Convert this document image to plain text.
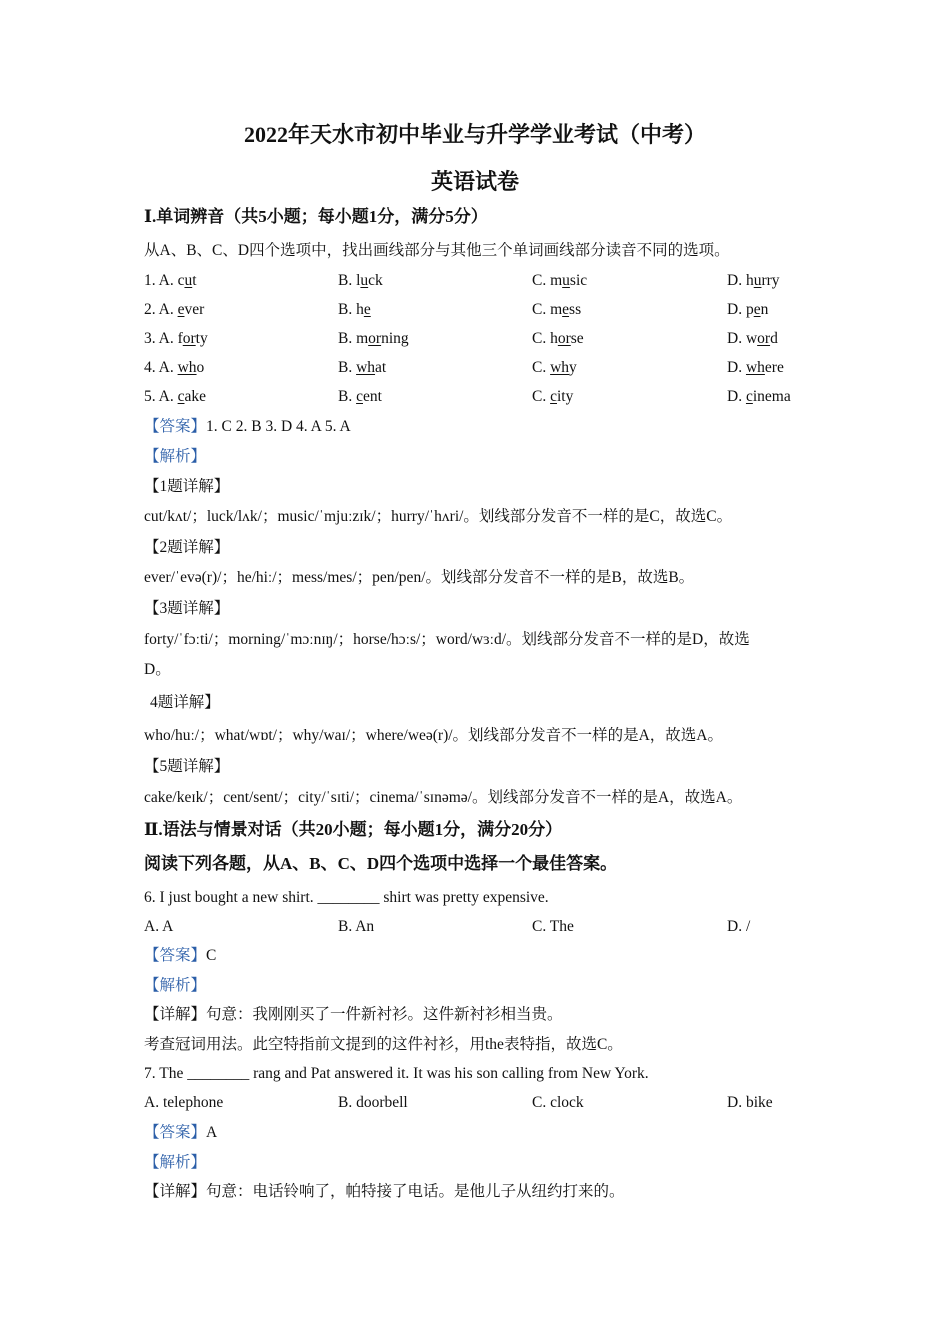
2022年天水市初中毕业与升学学业考试（中考）
英语试卷
Ⅰ.单词辨音（共5小题；每小题1分，满分5分）
从A、B、C、D四个选项中，找出画线部分与其他三个单词画线部分读音不同的选项。
1. A. cut	B. luck	C. music	D. hurry
2. A. ever	B. he	C. mess	D. pen
3. A. forty	B. morning	C. horse	D. word
4. A. who	B. what	C. why	D. where
5. A. cake	B. cent	C. city	D. cinema
【答案】1. C 2. B 3. D 4. A 5. A
【解析】
【1题详解】
cut/kʌt/；luck/lʌk/；music/ˈmjuːzɪk/；hurry/ˈhʌri/。划线部分发音不一样的是C，故选C。
【2题详解】
ever/ˈevə(r)/；he/hiː/；mess/mes/；pen/pen/。划线部分发音不一样的是B，故选B。
【3题详解】
forty/ˈfɔːti/；morning/ˈmɔːnɪŋ/；horse/hɔːs/；word/wɜːd/。划线部分发音不一样的是D，故选
D。
4题详解】
who/huː/；what/wɒt/；why/waɪ/；where/weə(r)/。划线部分发音不一样的是A，故选A。
【5题详解】
cake/keɪk/；cent/sent/；city/ˈsɪti/；cinema/ˈsɪnəmə/。划线部分发音不一样的是A，故选A。
Ⅱ.语法与情景对话（共20小题；每小题1分，满分20分）
阅读下列各题，从A、B、C、D四个选项中选择一个最佳答案。
6. I just bought a new shirt. ________ shirt was pretty expensive.
A. A	B. An	C. The	D. /
【答案】C
【解析】
【详解】句意：我刚刚买了一件新衬衫。这件新衬衫相当贵。
考查冠词用法。此空特指前文提到的这件衬衫，用the表特指，故选C。
7. The ________ rang and Pat answered it. It was his son calling from New York.
A. telephone	B. doorbell	C. clock	D. bike
【答案】A
【解析】
【详解】句意：电话铃响了，帕特接了电话。是他儿子从纽约打来的。
